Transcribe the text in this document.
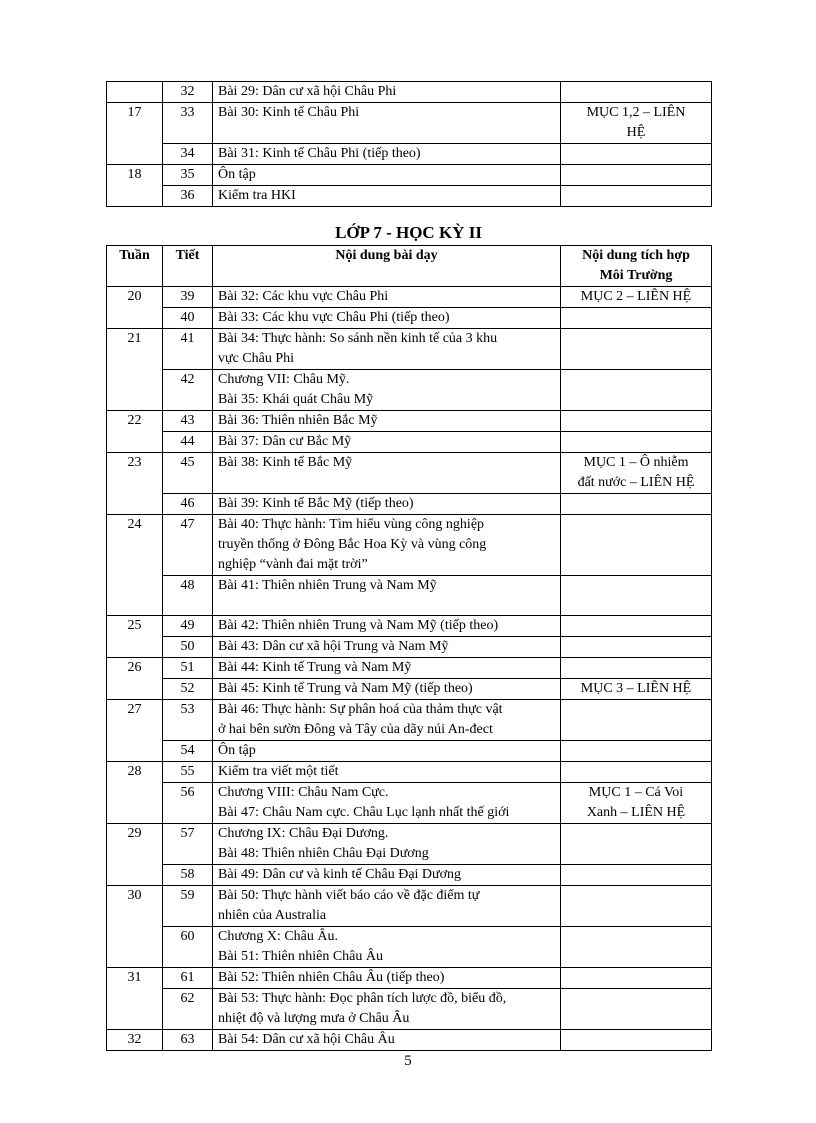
	32	Bài 29: Dân cư xã hội Châu Phi	

17	33	Bài 30: Kinh tế Châu Phi	MỤC 1,2 – LIÊN
HỆ

	34	Bài 31: Kinh tế Châu Phi (tiếp theo)	

18	35	Ôn tập	

	36	Kiểm tra HKI	

LỚP 7 - HỌC KỲ II
Tuần	Tiết	Nội dung bài dạy	Nội dung tích hợp
Môi Trường

20	39	Bài 32: Các khu vực Châu Phi	MỤC 2 – LIÊN HỆ

	40	Bài 33: Các khu vực Châu Phi (tiếp theo)	

21	41	Bài 34: Thực hành: So sánh nền kinh tế của 3 khu
vực Châu Phi	

	42	Chương VII: Châu Mỹ.
Bài 35: Khái quát Châu Mỹ	

22	43	Bài 36: Thiên nhiên Bắc Mỹ	

	44	Bài 37: Dân cư Bắc Mỹ	

23	45	Bài 38: Kinh tế Bắc Mỹ	MỤC 1 – Ô nhiễm
đất nước – LIÊN HỆ

	46	Bài 39: Kinh tế Bắc Mỹ (tiếp theo)	

24	47	Bài 40: Thực hành: Tìm hiểu vùng công nghiệp
truyền thống ở Đông Bắc Hoa Kỳ và vùng công
nghiệp “vành đai mặt trời”	

	48	Bài 41: Thiên nhiên Trung và Nam Mỹ	

25	49	Bài 42: Thiên nhiên Trung và Nam Mỹ (tiếp theo)	

	50	Bài 43: Dân cư xã hội Trung và Nam Mỹ	

26	51	Bài 44: Kinh tế Trung và Nam Mỹ	

	52	Bài 45: Kinh tế Trung và Nam Mỹ (tiếp theo)	MỤC 3 – LIÊN HỆ

27	53	Bài 46: Thực hành: Sự phân hoá của thảm thực vật
ở hai bên sườn Đông và Tây của dãy núi An-đect	

	54	Ôn tập	

28	55	Kiểm tra viết một tiết	

	56	Chương VIII: Châu Nam Cực.
Bài 47: Châu Nam cực. Châu Lục lạnh nhất thế giới	MỤC 1 – Cá Voi
Xanh – LIÊN HỆ

29	57	Chương IX: Châu Đại Dương.
Bài 48: Thiên nhiên Châu Đại Dương	

	58	Bài 49: Dân cư và kinh tế Châu Đại Dương	

30	59	Bài 50: Thực hành viết báo cáo về đặc điểm tự
nhiên của Australia	

	60	Chương X: Châu Âu.
Bài 51: Thiên nhiên Châu Âu	

31	61	Bài 52: Thiên nhiên Châu Âu (tiếp theo)	

	62	Bài 53: Thực hành: Đọc phân tích lược đồ, biểu đồ,
nhiệt độ và lượng mưa ở Châu Âu	

32	63	Bài 54: Dân cư xã hội Châu Âu	

5
